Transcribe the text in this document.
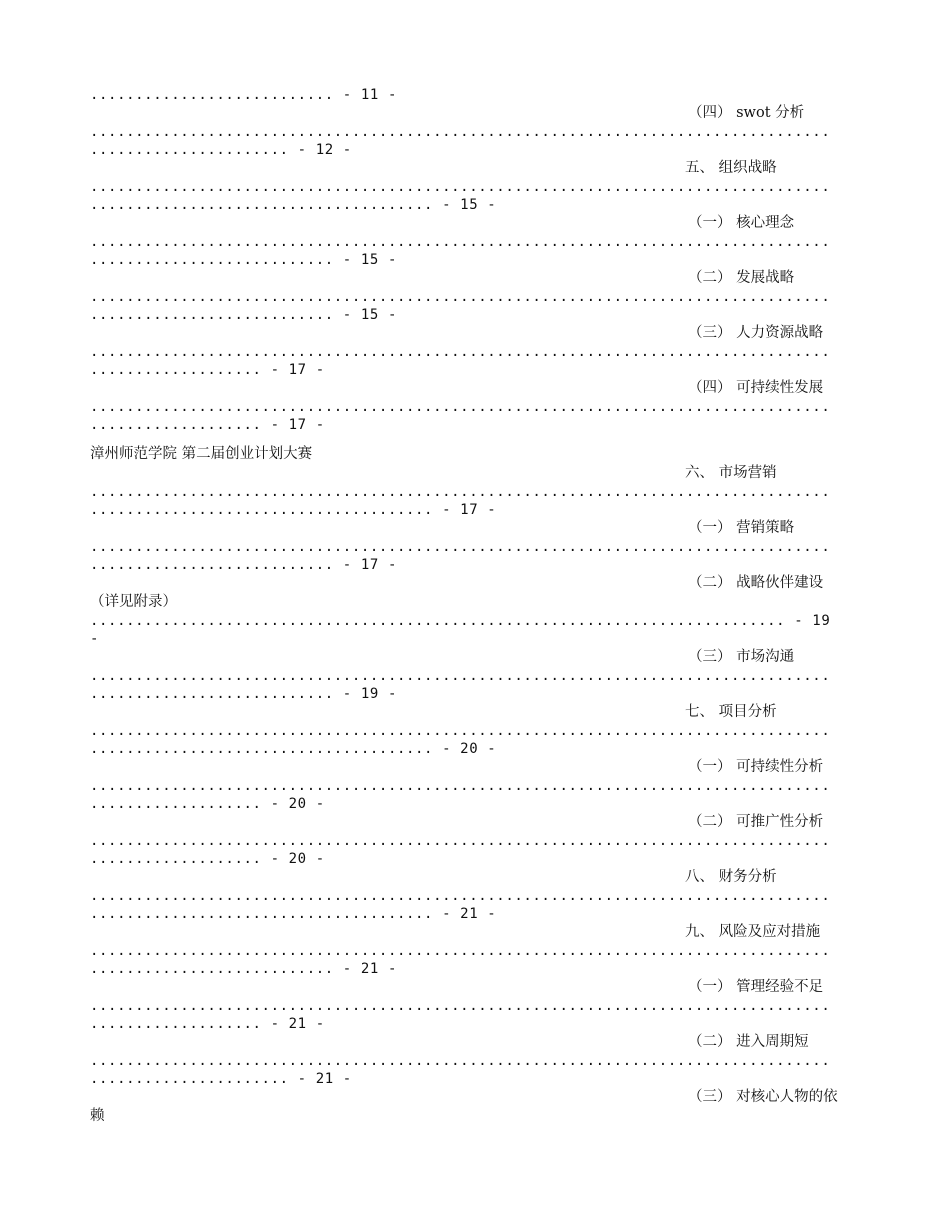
........................... - 11 -
（四） swot 分析
..................................................................................
...................... - 12 -
五、 组织战略
..................................................................................
...................................... - 15 -
（一） 核心理念
..................................................................................
........................... - 15 -
（二） 发展战略
..................................................................................
........................... - 15 -
（三） 人力资源战略
..................................................................................
................... - 17 -
（四） 可持续性发展
..................................................................................
................... - 17 -
漳州师范学院 第二届创业计划大赛
六、 市场营销
..................................................................................
...................................... - 17 -
（一） 营销策略
..................................................................................
........................... - 17 -
（二） 战略伙伴建设
（详见附录）
............................................................................. - 19
-
（三） 市场沟通
..................................................................................
........................... - 19 -
七、 项目分析
..................................................................................
...................................... - 20 -
（一） 可持续性分析
..................................................................................
................... - 20 -
（二） 可推广性分析
..................................................................................
................... - 20 -
八、 财务分析
..................................................................................
...................................... - 21 -
九、 风险及应对措施
..................................................................................
........................... - 21 -
（一） 管理经验不足
..................................................................................
................... - 21 -
（二） 进入周期短
..................................................................................
...................... - 21 -
（三） 对核心人物的依
赖
